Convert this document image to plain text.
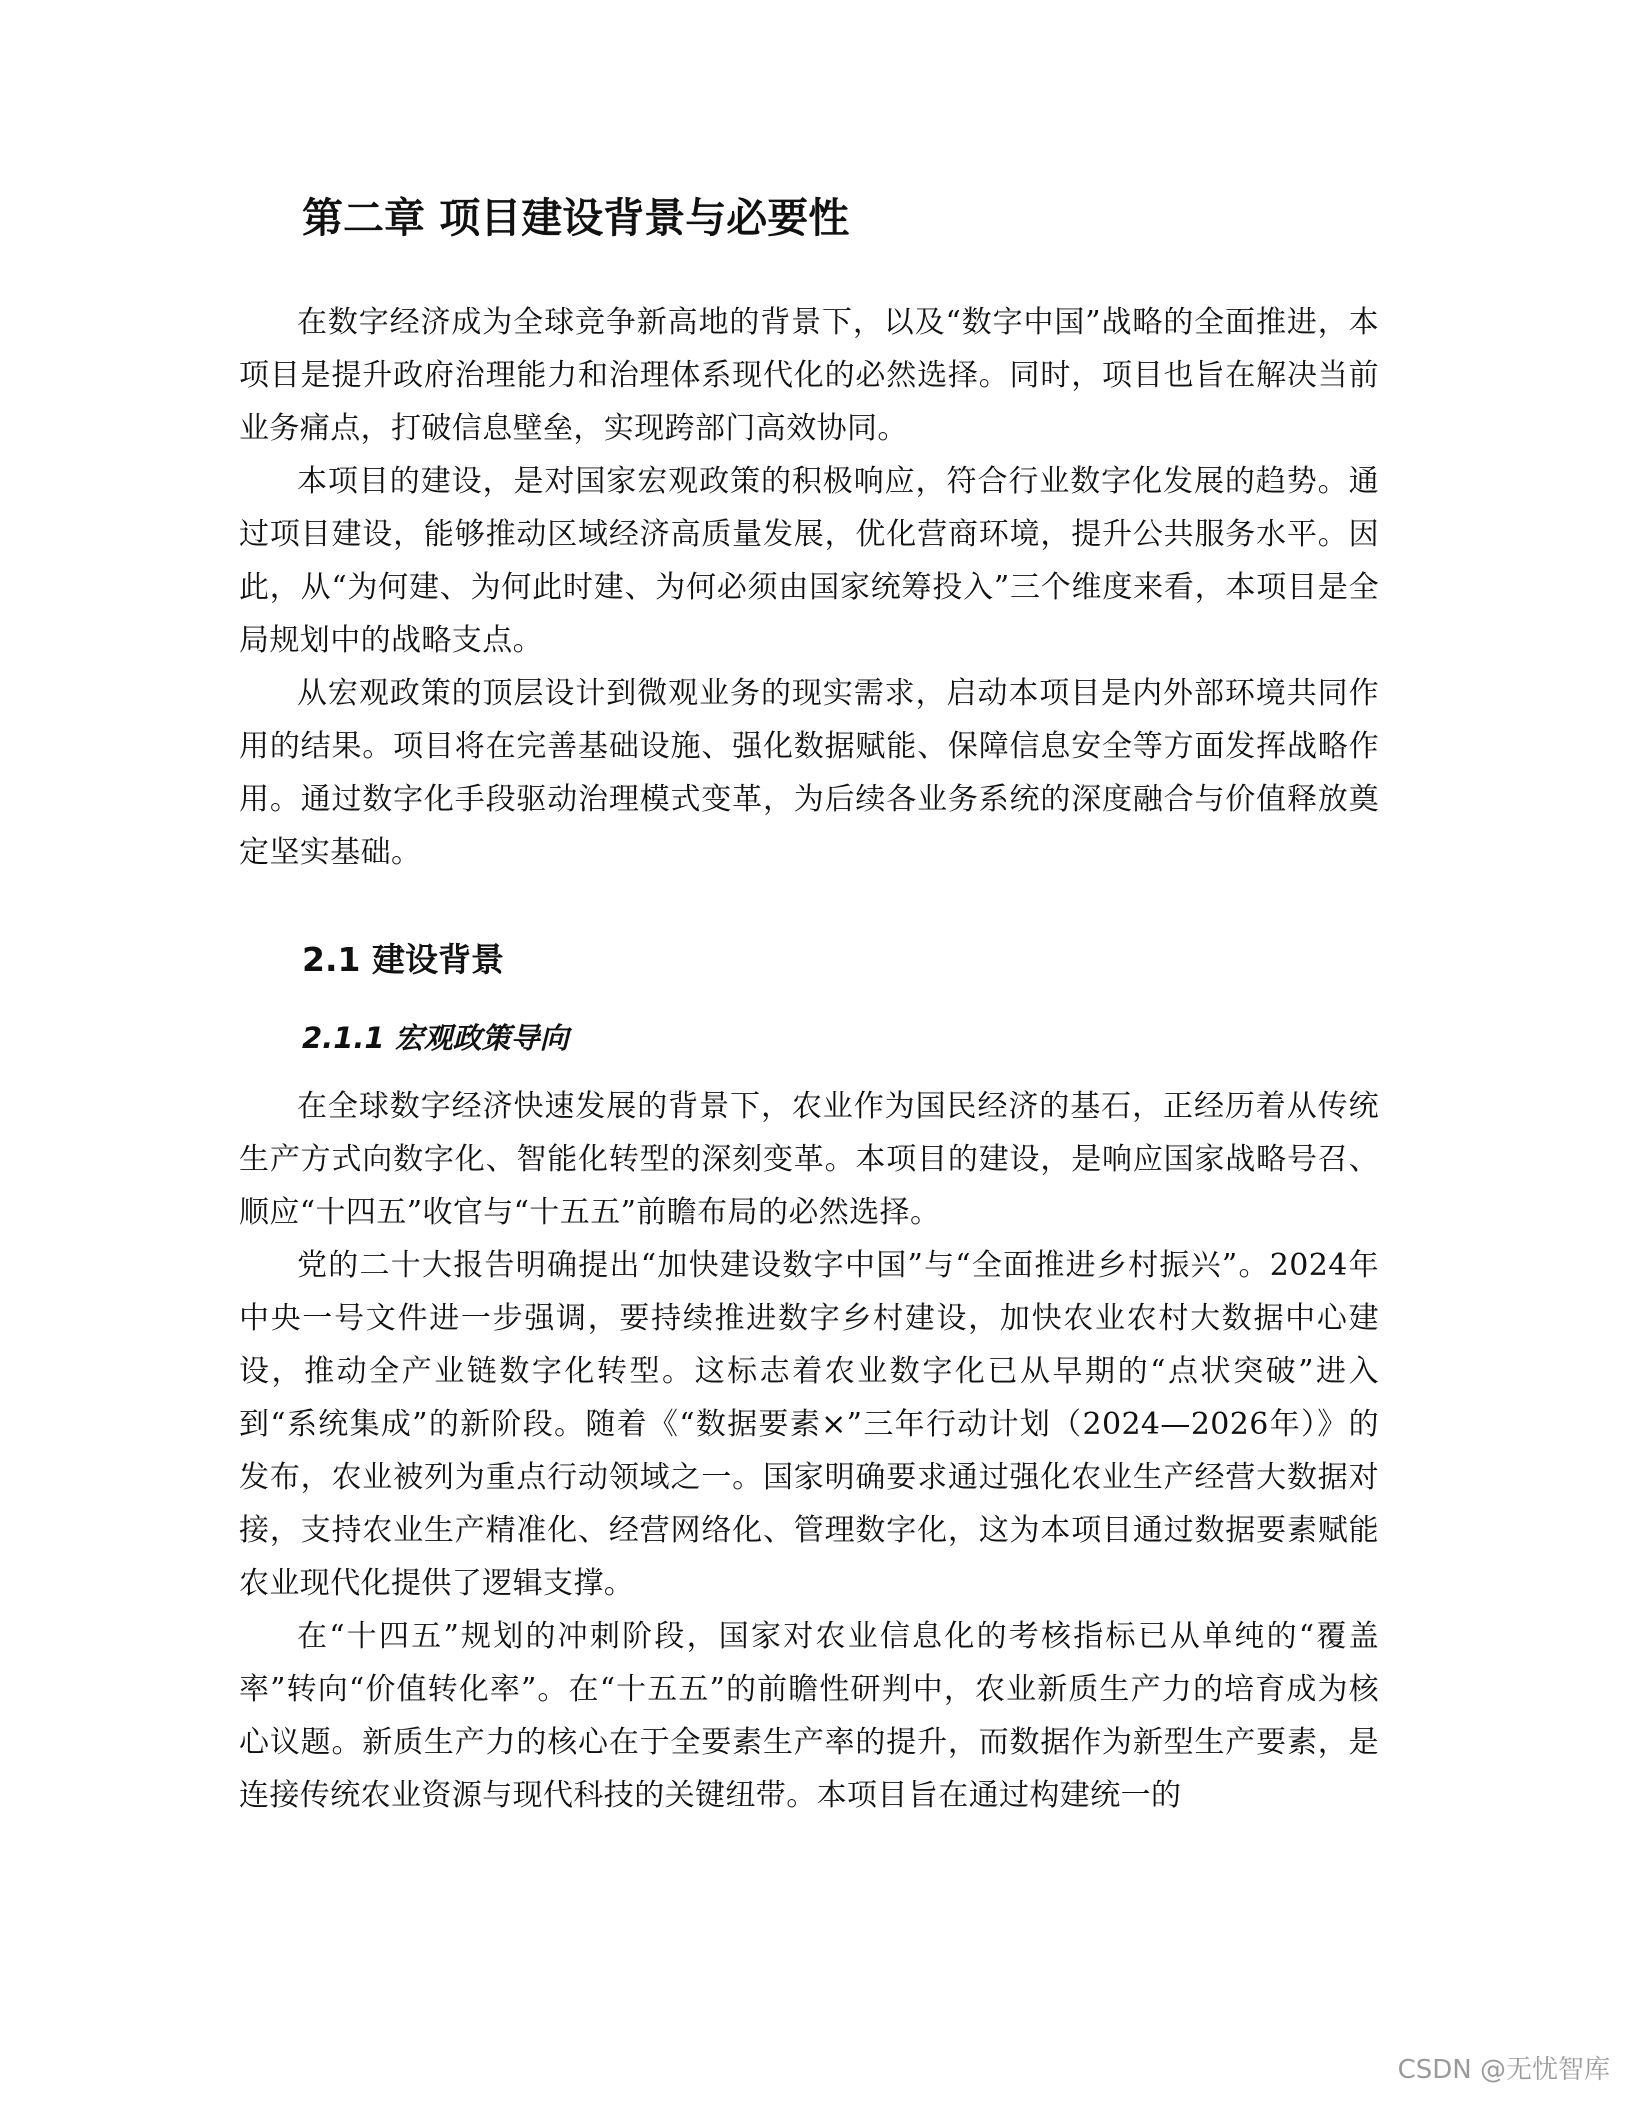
第二章 项目建设背景与必要性

在数字经济成为全球竞争新高地的背景下，以及“数字中国”战略的全面推进，本项目是提升政府治理能力和治理体系现代化的必然选择。同时，项目也旨在解决当前业务痛点，打破信息壁垒，实现跨部门高效协同。

本项目的建设，是对国家宏观政策的积极响应，符合行业数字化发展的趋势。通过项目建设，能够推动区域经济高质量发展，优化营商环境，提升公共服务水平。因此，从“为何建、为何此时建、为何必须由国家统筹投入”三个维度来看，本项目是全局规划中的战略支点。

从宏观政策的顶层设计到微观业务的现实需求，启动本项目是内外部环境共同作用的结果。项目将在完善基础设施、强化数据赋能、保障信息安全等方面发挥战略作用。通过数字化手段驱动治理模式变革，为后续各业务系统的深度融合与价值释放奠定坚实基础。

2.1 建设背景
2.1.1 宏观政策导向

在全球数字经济快速发展的背景下，农业作为国民经济的基石，正经历着从传统生产方式向数字化、智能化转型的深刻变革。本项目的建设，是响应国家战略号召、顺应“十四五”收官与“十五五”前瞻布局的必然选择。

党的二十大报告明确提出“加快建设数字中国”与“全面推进乡村振兴”。2024年中央一号文件进一步强调，要持续推进数字乡村建设，加快农业农村大数据中心建设，推动全产业链数字化转型。这标志着农业数字化已从早期的“点状突破”进入到“系统集成”的新阶段。随着《“数据要素×”三年行动计划（2024—2026年）》的发布，农业被列为重点行动领域之一。国家明确要求通过强化农业生产经营大数据对接，支持农业生产精准化、经营网络化、管理数字化，这为本项目通过数据要素赋能农业现代化提供了逻辑支撑。

在“十四五”规划的冲刺阶段，国家对农业信息化的考核指标已从单纯的“覆盖率”转向“价值转化率”。在“十五五”的前瞻性研判中，农业新质生产力的培育成为核心议题。新质生产力的核心在于全要素生产率的提升，而数据作为新型生产要素，是连接传统农业资源与现代科技的关键纽带。本项目旨在通过构建统一的

CSDN @无忧智库
